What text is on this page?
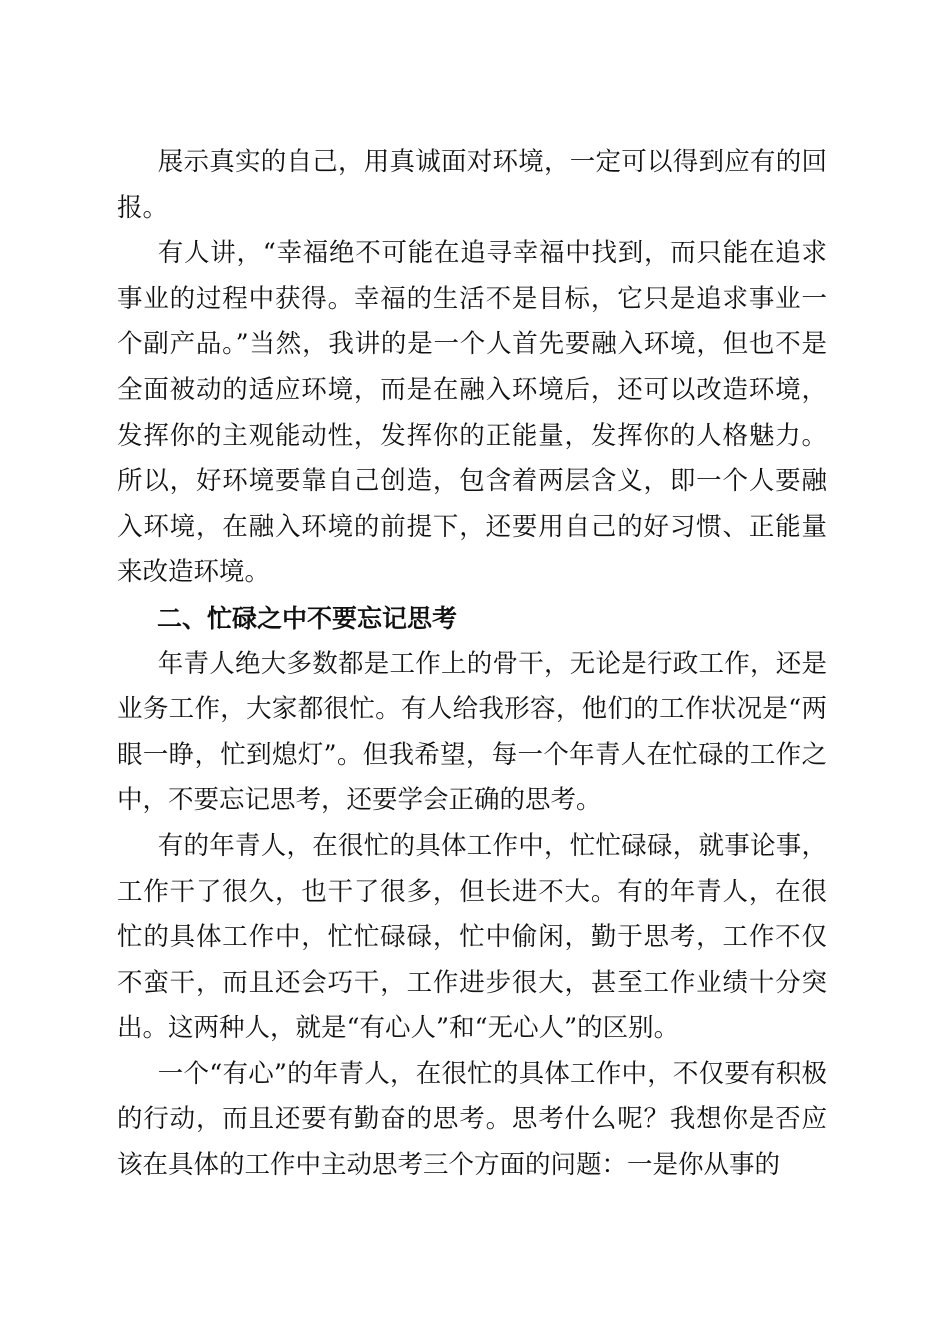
展示真实的自己，用真诚面对环境，一定可以得到应有的回报。

有人讲，“幸福绝不可能在追寻幸福中找到，而只能在追求事业的过程中获得。幸福的生活不是目标，它只是追求事业一个副产品。”当然，我讲的是一个人首先要融入环境，但也不是全面被动的适应环境，而是在融入环境后，还可以改造环境，发挥你的主观能动性，发挥你的正能量，发挥你的人格魅力。所以，好环境要靠自己创造，包含着两层含义，即一个人要融入环境，在融入环境的前提下，还要用自己的好习惯、正能量来改造环境。

二、忙碌之中不要忘记思考

年青人绝大多数都是工作上的骨干，无论是行政工作，还是业务工作，大家都很忙。有人给我形容，他们的工作状况是“两眼一睁，忙到熄灯”。但我希望，每一个年青人在忙碌的工作之中，不要忘记思考，还要学会正确的思考。

有的年青人，在很忙的具体工作中，忙忙碌碌，就事论事，工作干了很久，也干了很多，但长进不大。有的年青人，在很忙的具体工作中，忙忙碌碌，忙中偷闲，勤于思考，工作不仅不蛮干，而且还会巧干，工作进步很大，甚至工作业绩十分突出。这两种人，就是“有心人”和“无心人”的区别。

一个“有心”的年青人，在很忙的具体工作中，不仅要有积极的行动，而且还要有勤奋的思考。思考什么呢？我想你是否应该在具体的工作中主动思考三个方面的问题：一是你从事的
